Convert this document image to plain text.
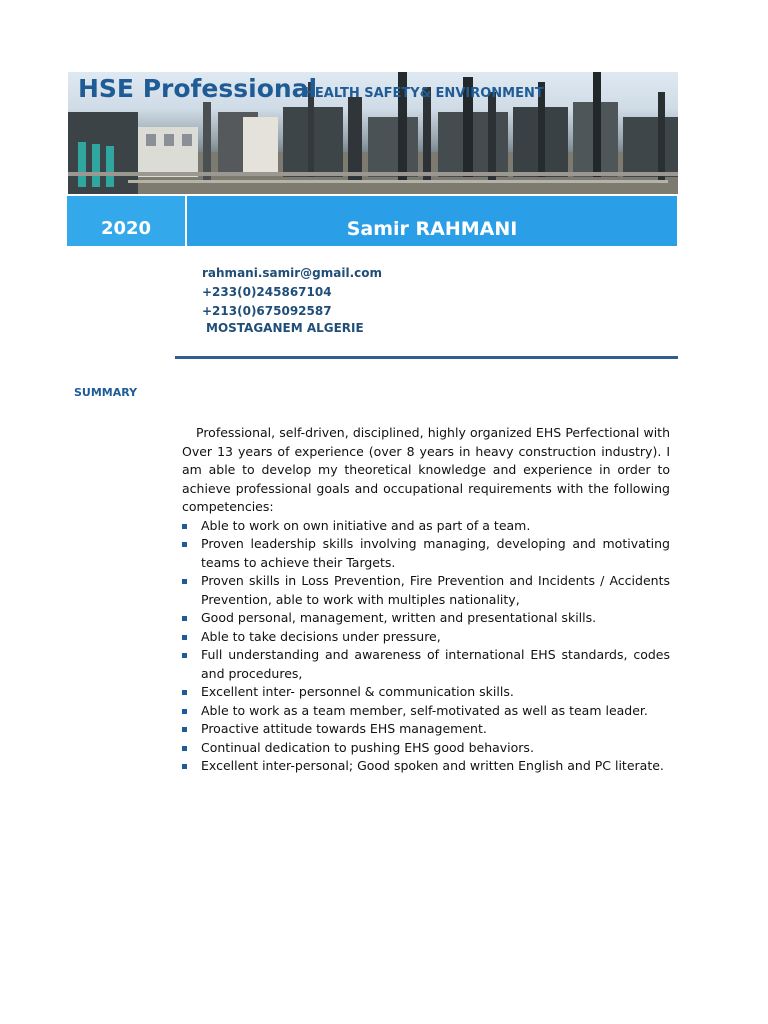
HSE Professional
HEALTH SAFETY& ENVIRONMENT
2020	Samir RAHMANI
rahmani.samir@gmail.com
+233(0)245867104
+213(0)675092587
MOSTAGANEM ALGERIE
SUMMARY

Professional, self-driven, disciplined, highly organized EHS Perfectional with Over 13 years of experience (over 8 years in heavy construction industry). I am able to develop my theoretical knowledge and experience in order to achieve professional goals and occupational requirements with the following competencies:

Able to work on own initiative and as part of a team.
Proven leadership skills involving managing, developing and motivating teams to achieve their Targets.
Proven skills in Loss Prevention, Fire Prevention and Incidents / Accidents Prevention, able to work with multiples nationality,
Good personal, management, written and presentational skills.
Able to take decisions under pressure,
Full understanding and awareness of international EHS standards, codes and procedures,
Excellent inter- personnel & communication skills.
Able to work as a team member, self-motivated as well as team leader.
Proactive attitude towards EHS management.
Continual dedication to pushing EHS good behaviors.
Excellent inter-personal; Good spoken and written English and PC literate.
